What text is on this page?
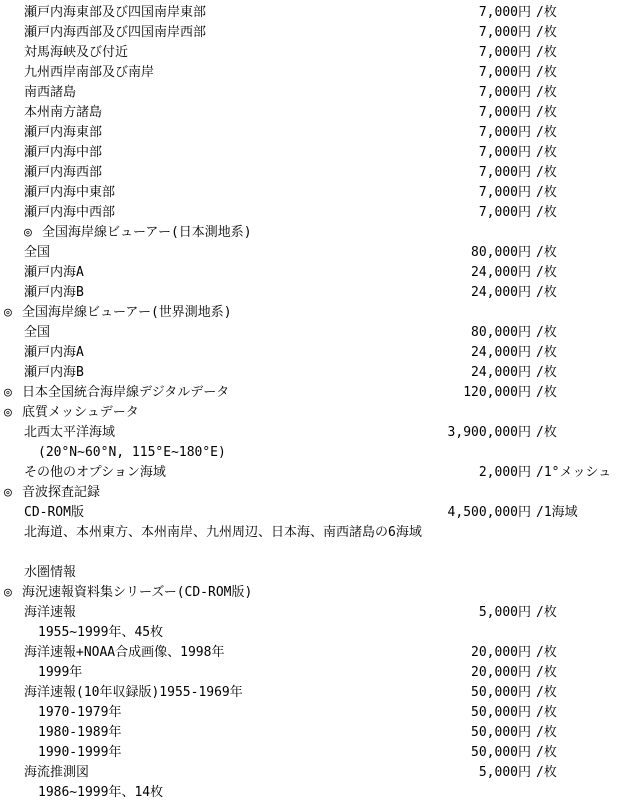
瀬戸内海東部及び四国南岸東部	7,000円 /枚
瀬戸内海西部及び四国南岸西部	7,000円 /枚
対馬海峡及び付近	7,000円 /枚
九州西岸南部及び南岸	7,000円 /枚
南西諸島	7,000円 /枚
本州南方諸島	7,000円 /枚
瀬戸内海東部	7,000円 /枚
瀬戸内海中部	7,000円 /枚
瀬戸内海西部	7,000円 /枚
瀬戸内海中東部	7,000円 /枚
瀬戸内海中西部	7,000円 /枚
◎ 全国海岸線ビューアー(日本測地系)
全国	80,000円 /枚
瀬戸内海A	24,000円 /枚
瀬戸内海B	24,000円 /枚
◎ 全国海岸線ビューアー(世界測地系)
全国	80,000円 /枚
瀬戸内海A	24,000円 /枚
瀬戸内海B	24,000円 /枚
◎ 日本全国統合海岸線デジタルデータ	120,000円 /枚
◎ 底質メッシュデータ
北西太平洋海域	3,900,000円 /枚
(20°N~60°N, 115°E~180°E)
その他のオプション海域	2,000円 /1°メッシュ
◎ 音波探査記録
CD-ROM版	4,500,000円 /1海域
北海道、本州東方、本州南岸、九州周辺、日本海、南西諸島の6海域
水圏情報
◎ 海況速報資料集シリーズー(CD-ROM版)
海洋速報	5,000円 /枚
1955~1999年、45枚
海洋速報+NOAA合成画像、1998年	20,000円 /枚
1999年	20,000円 /枚
海洋速報(10年収録版)1955-1969年	50,000円 /枚
1970-1979年	50,000円 /枚
1980-1989年	50,000円 /枚
1990-1999年	50,000円 /枚
海流推測図	5,000円 /枚
1986~1999年、14枚
